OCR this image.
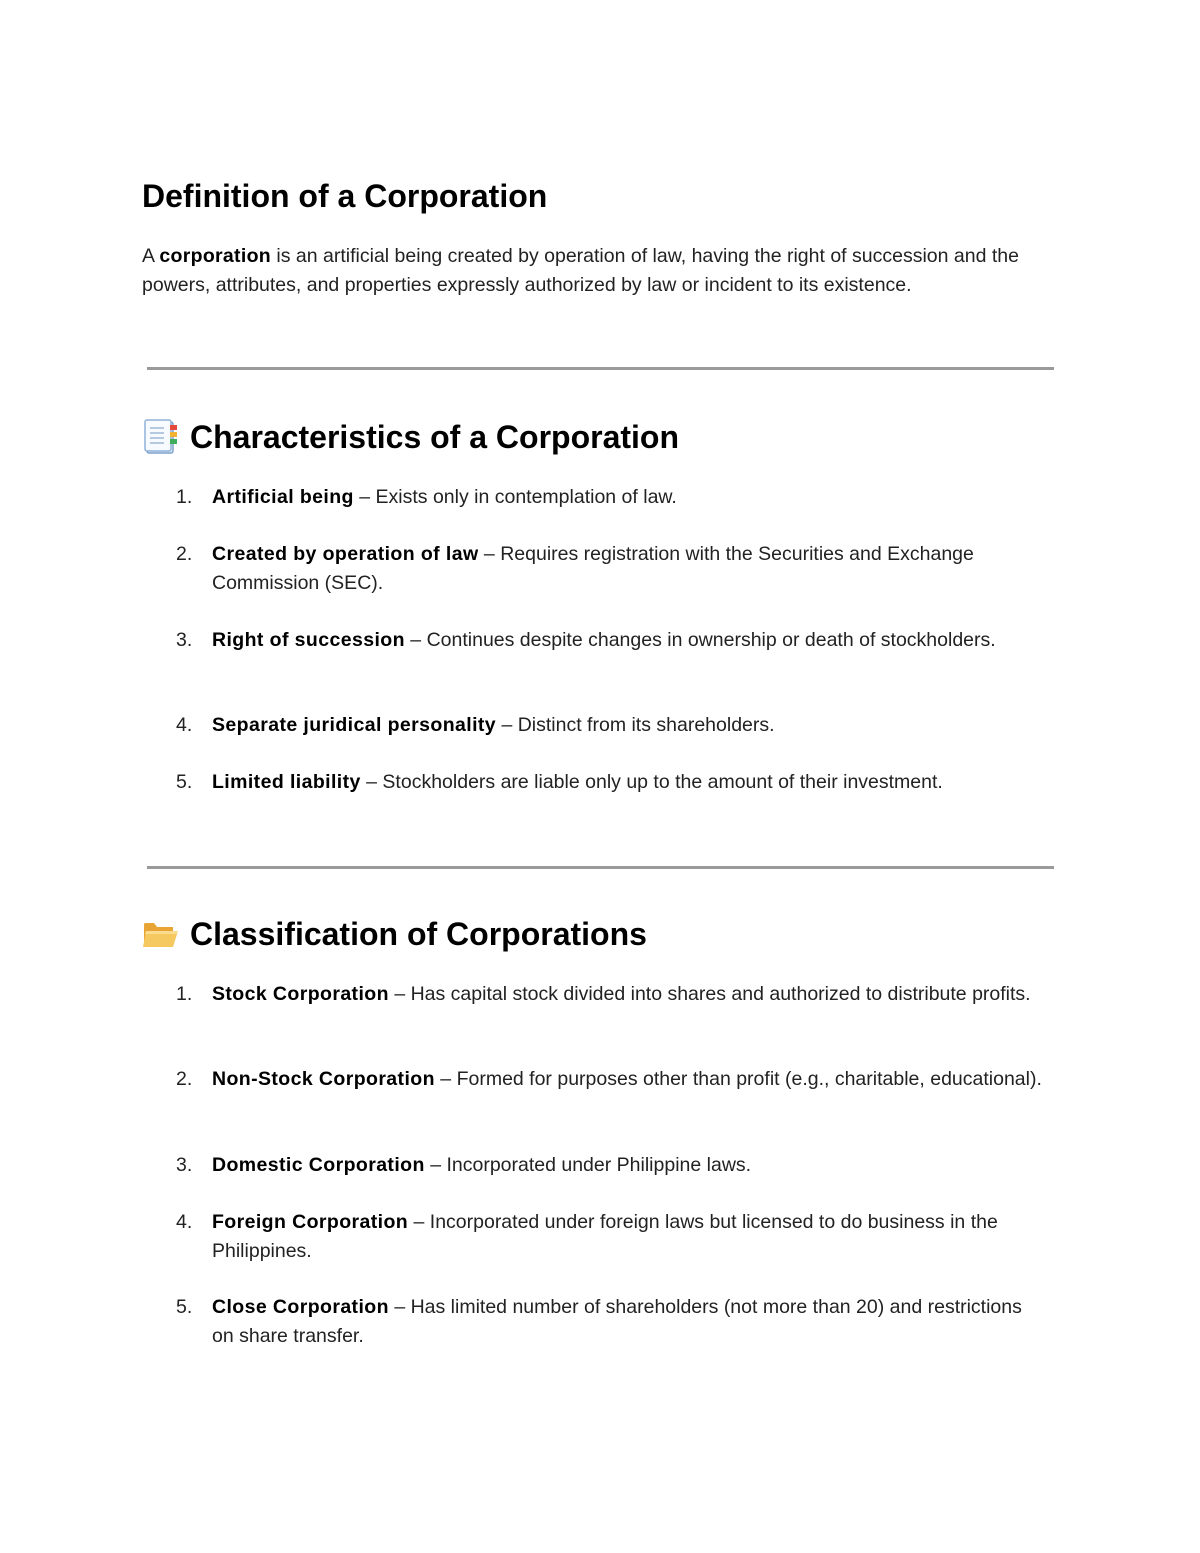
Definition of a Corporation

A corporation is an artificial being created by operation of law, having the right of succession and the powers, attributes, and properties expressly authorized by law or incident to its existence.

Characteristics of a Corporation
1. Artificial being – Exists only in contemplation of law.
2. Created by operation of law – Requires registration with the Securities and Exchange Commission (SEC).
3. Right of succession – Continues despite changes in ownership or death of stockholders.
4. Separate juridical personality – Distinct from its shareholders.
5. Limited liability – Stockholders are liable only up to the amount of their investment.
Classification of Corporations
1. Stock Corporation – Has capital stock divided into shares and authorized to distribute profits.
2. Non-Stock Corporation – Formed for purposes other than profit (e.g., charitable, educational).
3. Domestic Corporation – Incorporated under Philippine laws.
4. Foreign Corporation – Incorporated under foreign laws but licensed to do business in the Philippines.
5. Close Corporation – Has limited number of shareholders (not more than 20) and restrictions on share transfer.
